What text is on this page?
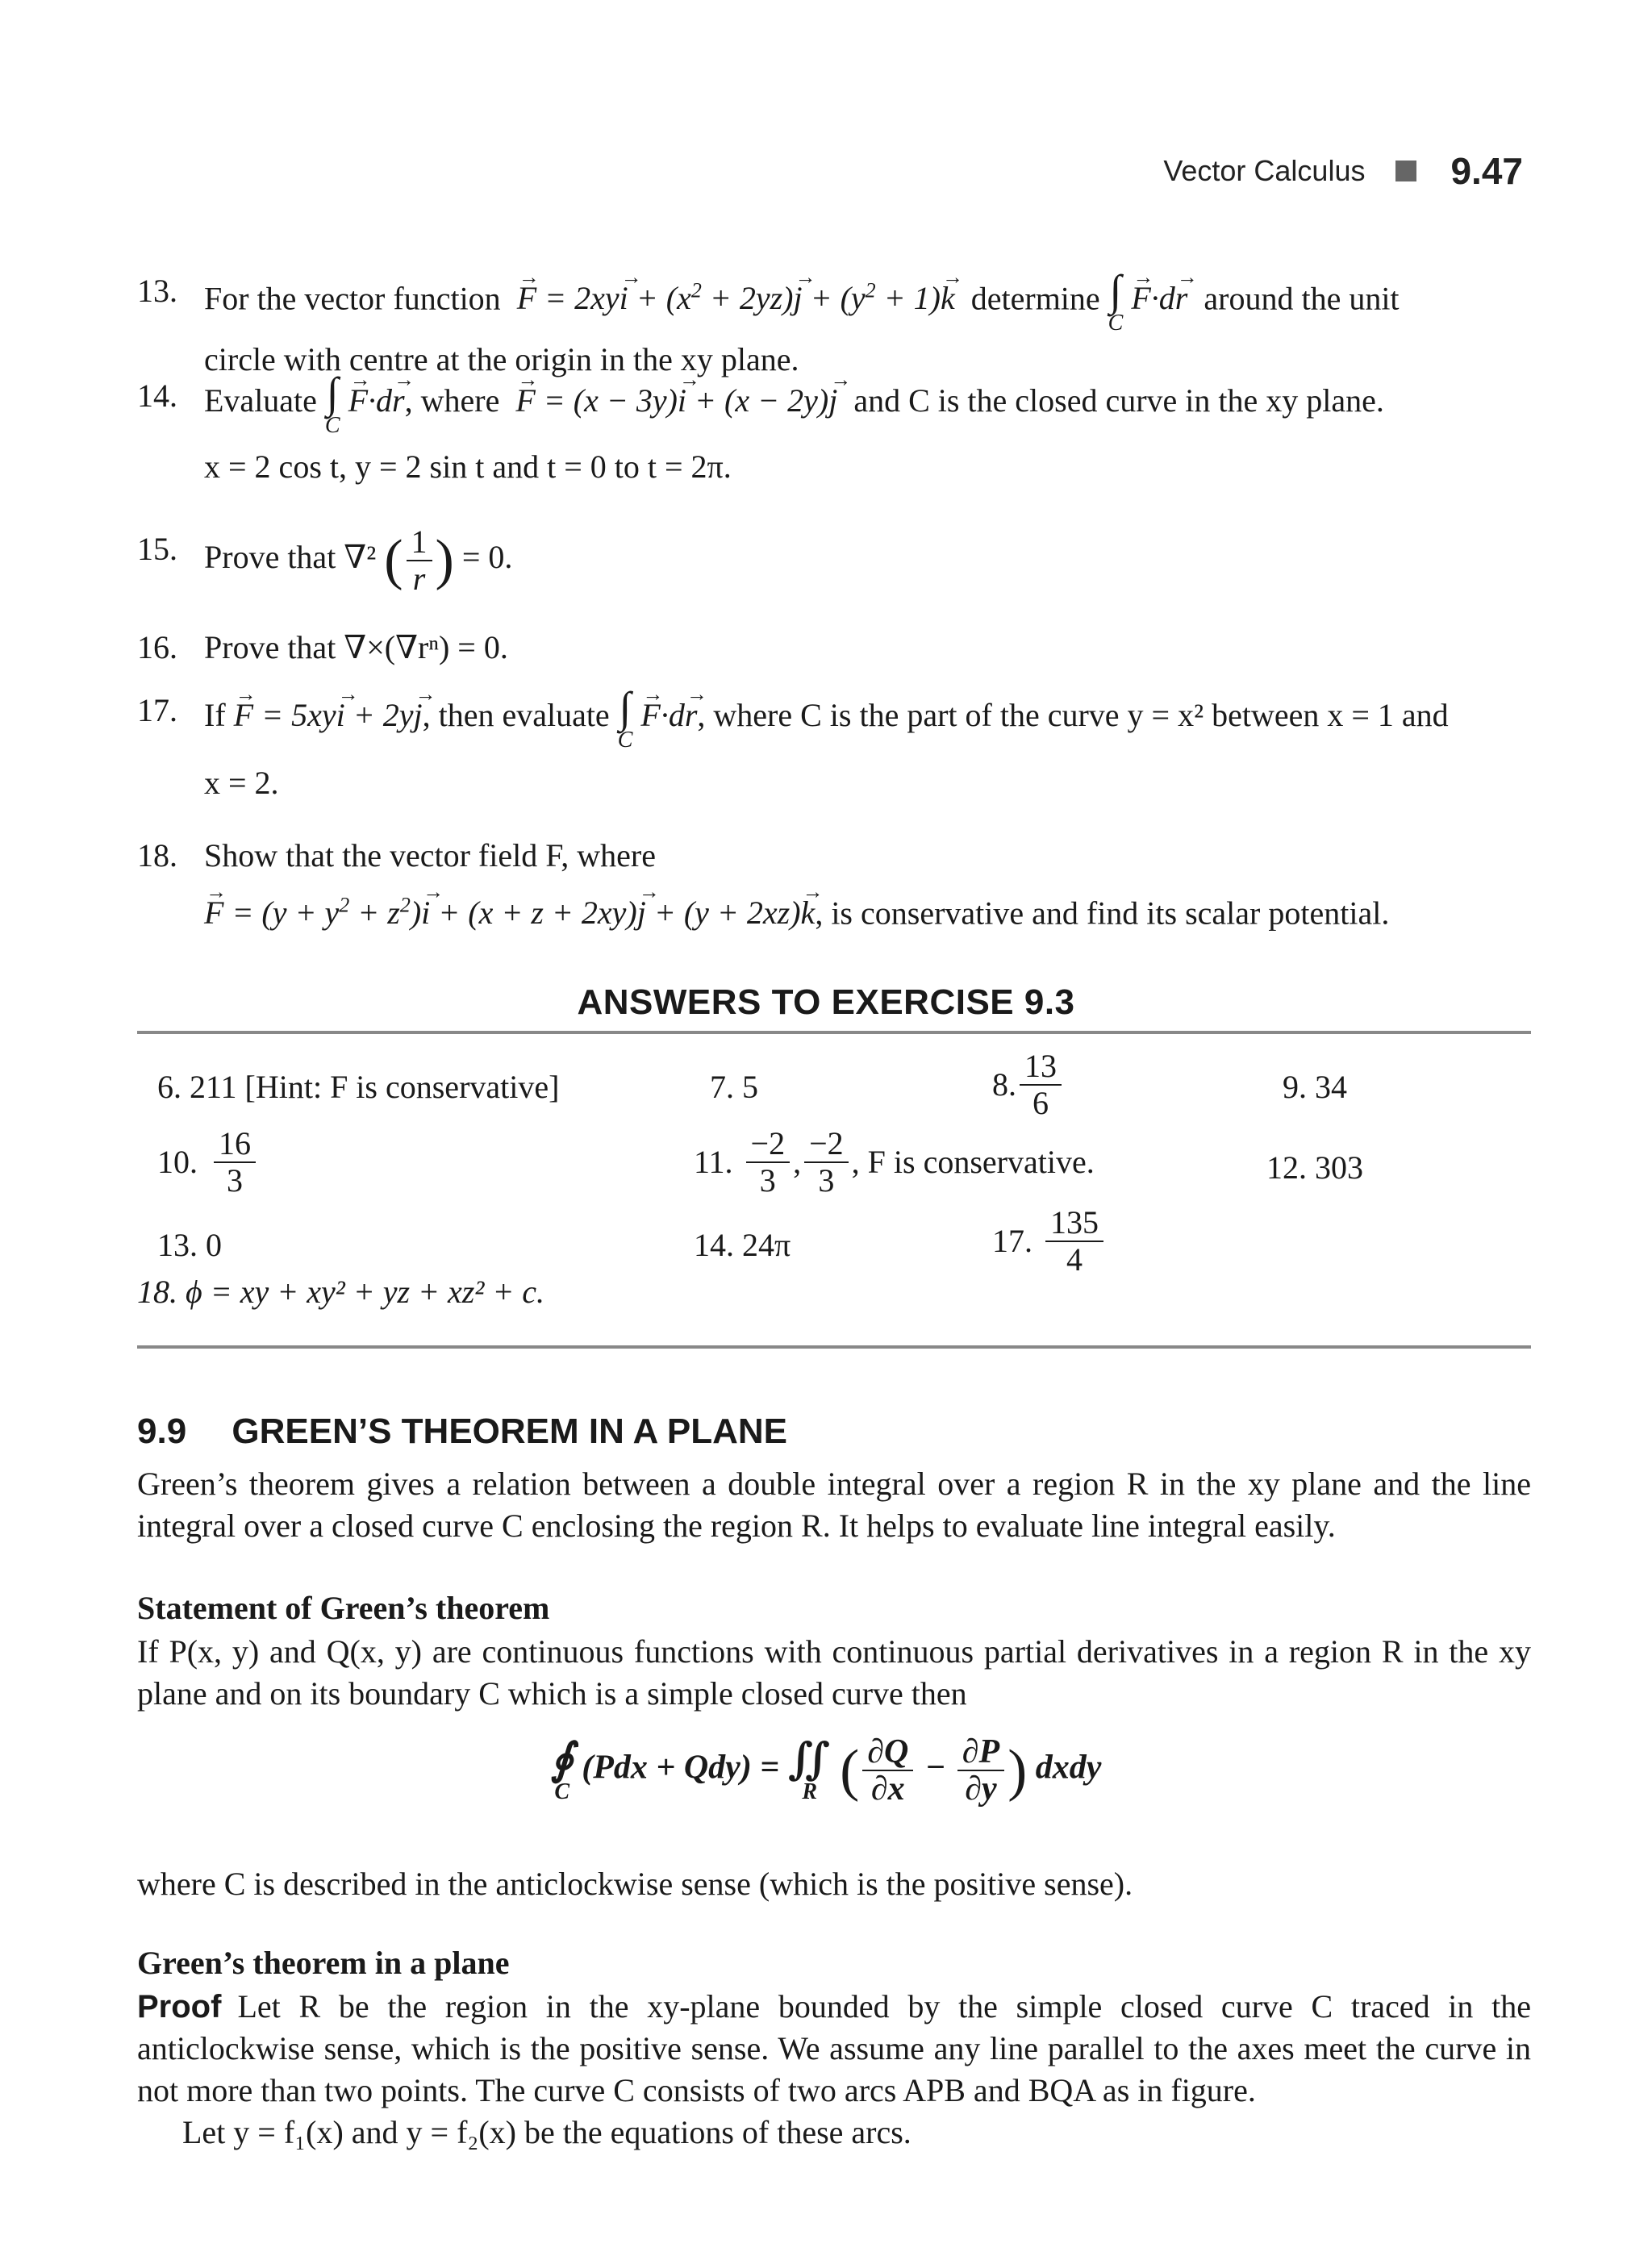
Vector Calculus 9.47
13. For the vector function → $F = 2xy\to i + (x^2 + 2yz)\to j + (y^2 + 1)\to k$ determine ∫
C
→ F·d→ r around the unit
circle with centre at the origin in the xy plane.
14. Evaluate ∫
C
→ F·d→ r, where → F = (x − 3y)→ i + (x − 2y)→ j and C is the closed curve in the xy plane.
x = 2 cos t, y = 2 sin t and t = 0 to t = 2π.
15. Prove that ∇² ( $\frac{1}{r}$ ) = 0.
16. Prove that ∇×(∇rⁿ) = 0.
17. If → F = 5xy→ i + 2y→ j, then evaluate ∫
C
→ F·d→ r, where C is the part of the curve y = x² between x = 1 and
x = 2.
18. Show that the vector field F, where
→ $F = (y + y^2 + z^2)\to i + (x + z + 2xy)\to j + (y + 2xz)\to k$, is conservative and find its scalar potential.
ANSWERS TO EXERCISE 9.3
6. 211 [Hint: F is conservative]	7. 5	8. $\frac{13}{6}$	9. 34
10. $\frac{16}{3}$	11. $\frac{-2}{3}$ , $\frac{-2}{3}$ , F is conservative.	12. 303
13. 0	14. 24π	17. $\frac{135}{4}$
18. ϕ = xy + xy² + yz + xz² + c.
9.9 GREEN’S THEOREM IN A PLANE
Green’s theorem gives a relation between a double integral over a region R in the xy plane and the line integral over a closed curve C enclosing the region R. It helps to evaluate line integral easily.
Statement of Green’s theorem
If P(x, y) and Q(x, y) are continuous functions with continuous partial derivatives in a region R in the xy plane and on its boundary C which is a simple closed curve then
∮
C
(Pdx + Qdy) = ∬
R ( $\frac{\partial Q}{\partial x} - \frac{\partial P}{\partial y}$ ) dxdy
where C is described in the anticlockwise sense (which is the positive sense).
Green’s theorem in a plane
Proof Let R be the region in the xy-plane bounded by the simple closed curve C traced in the anticlockwise sense, which is the positive sense. We assume any line parallel to the axes meet the curve in not more than two points. The curve C consists of two arcs APB and BQA as in figure.
Let y = f₁(x) and y = f₂(x) be the equations of these arcs.
